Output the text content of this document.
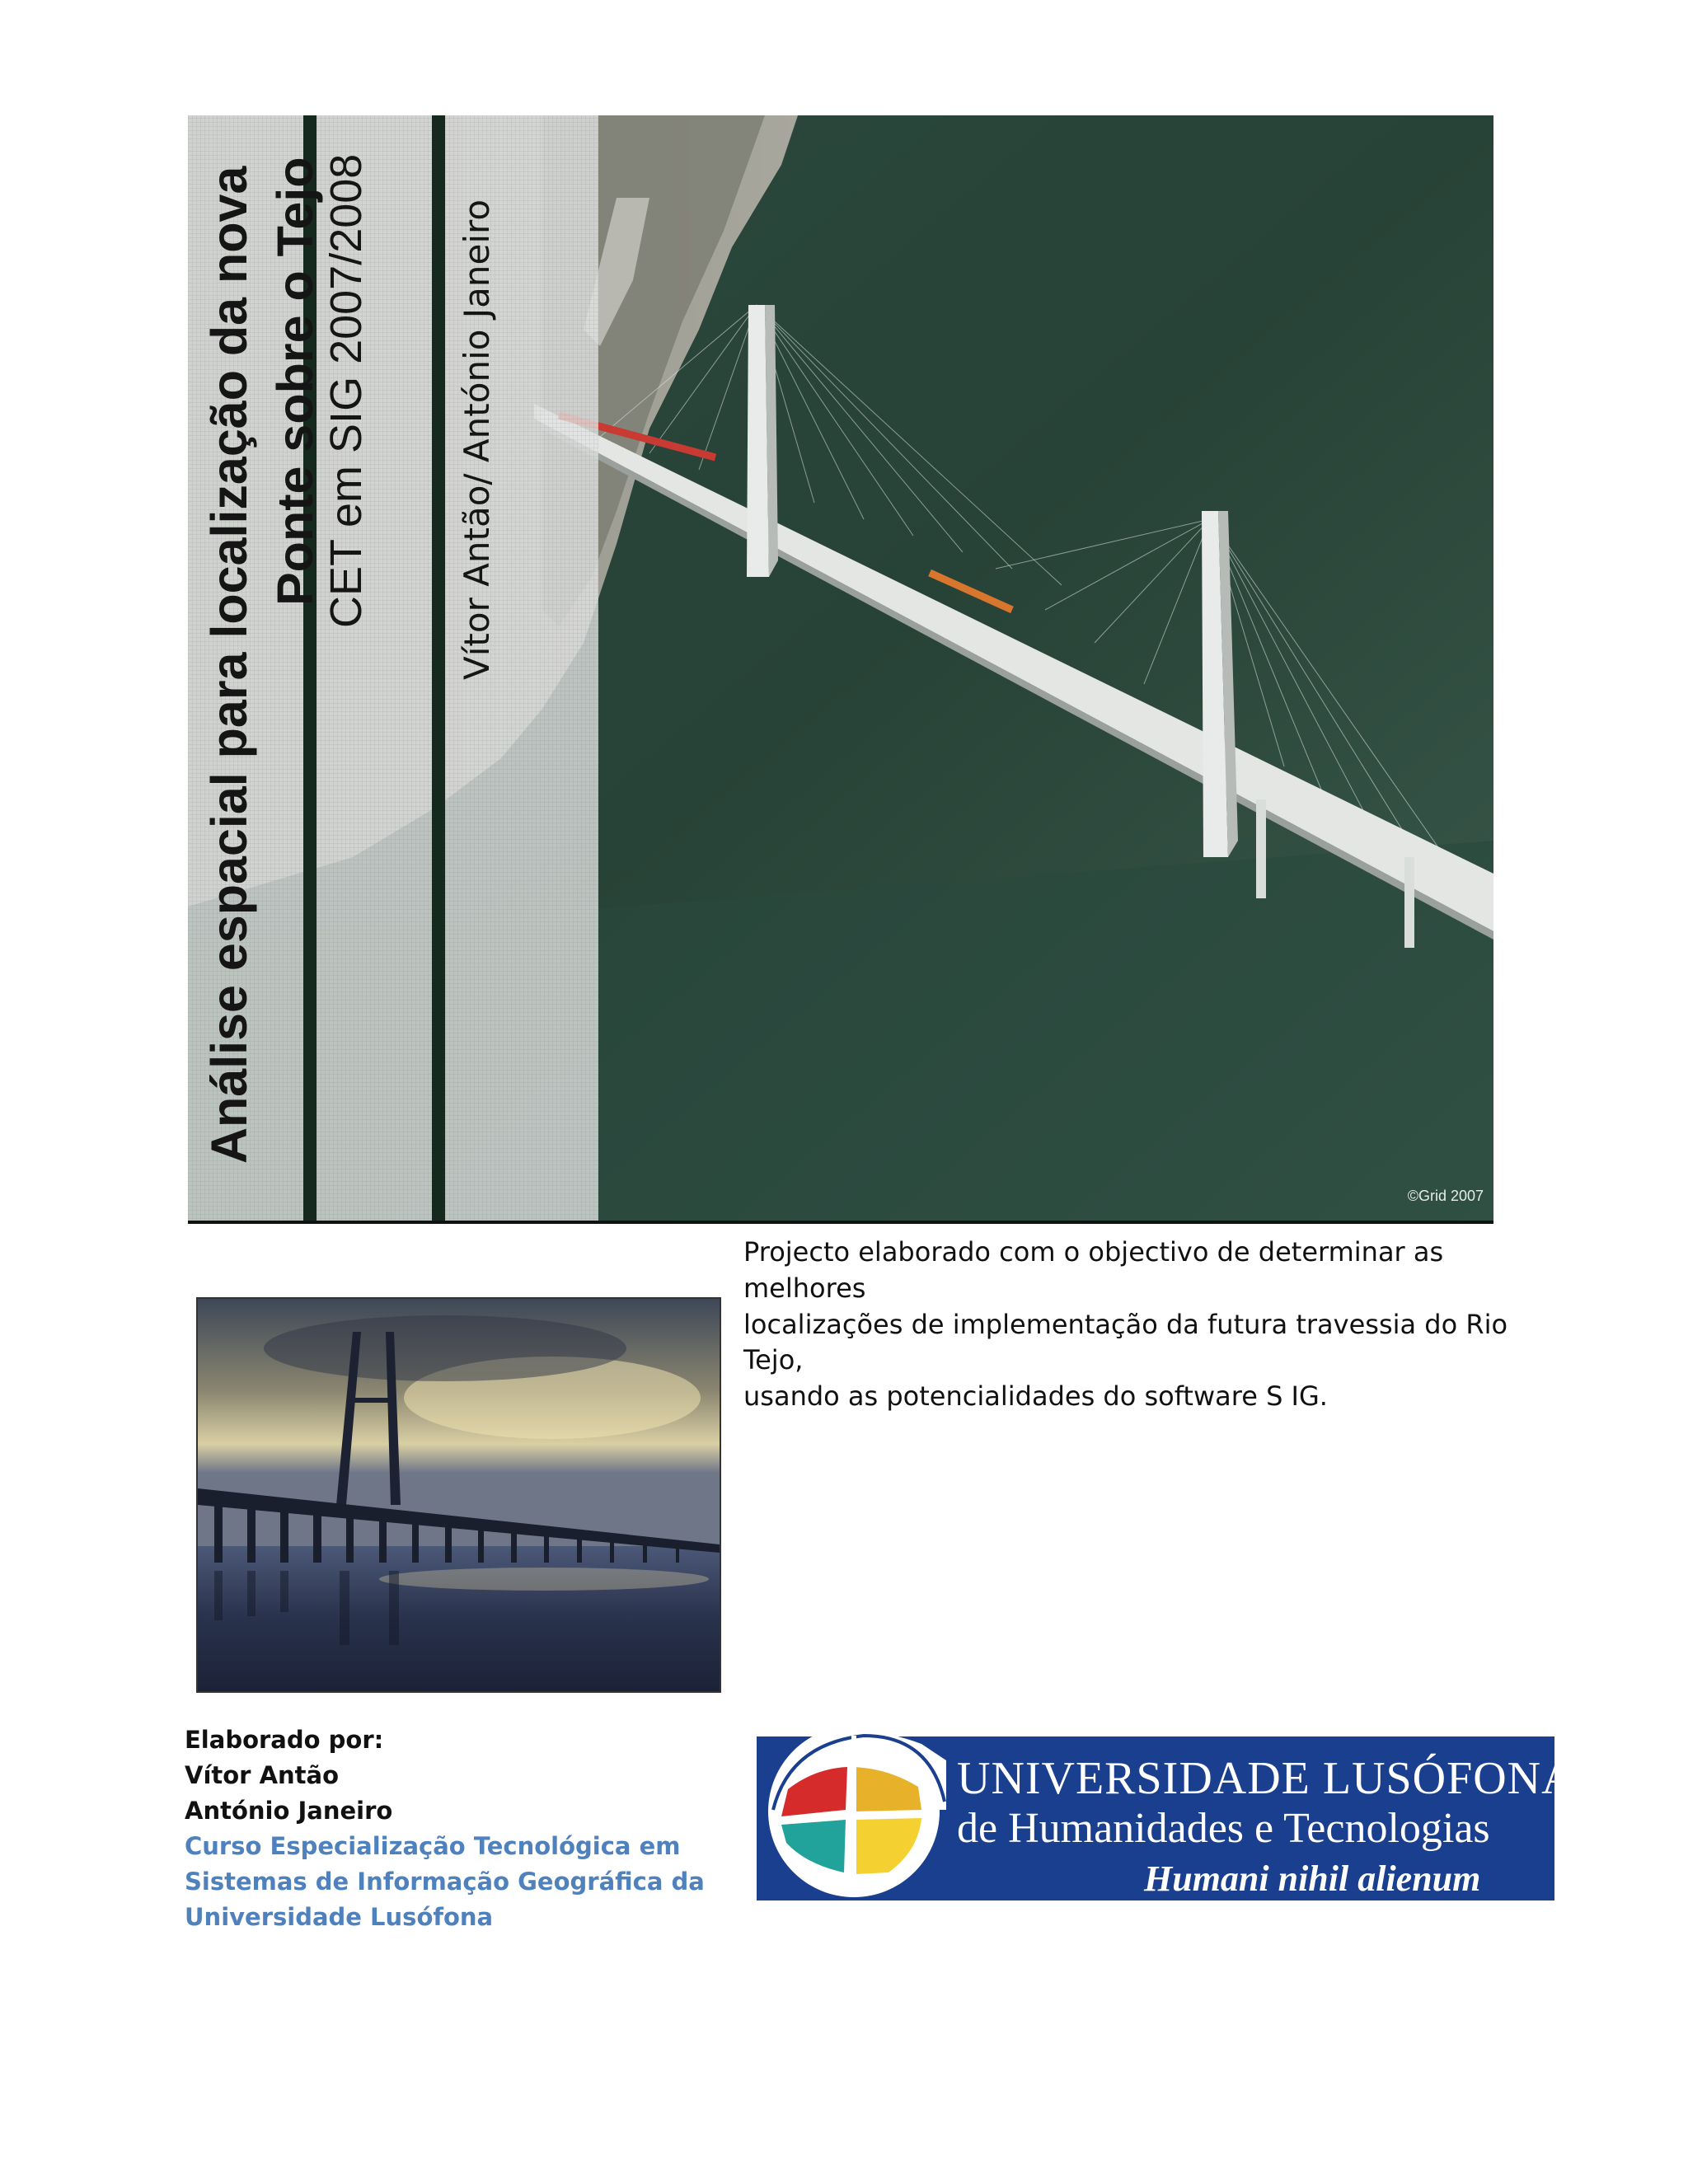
Análise espacial para localização da nova Ponte sobre o Tejo
CET em SIG 2007/2008 Vítor Antão/ António Janeiro
©Grid 2007
Projecto elaborado com o objectivo de determinar as melhores
localizações de implementação da futura travessia do Rio Tejo,
usando as potencialidades do software S IG.
Elaborado por:
Vítor Antão
António Janeiro
Curso Especialização Tecnológica em
Sistemas de Informação Geográfica da
Universidade Lusófona
UNIVERSIDADE LUSÓFONA
de Humanidades e Tecnologias
Humani nihil alienum
